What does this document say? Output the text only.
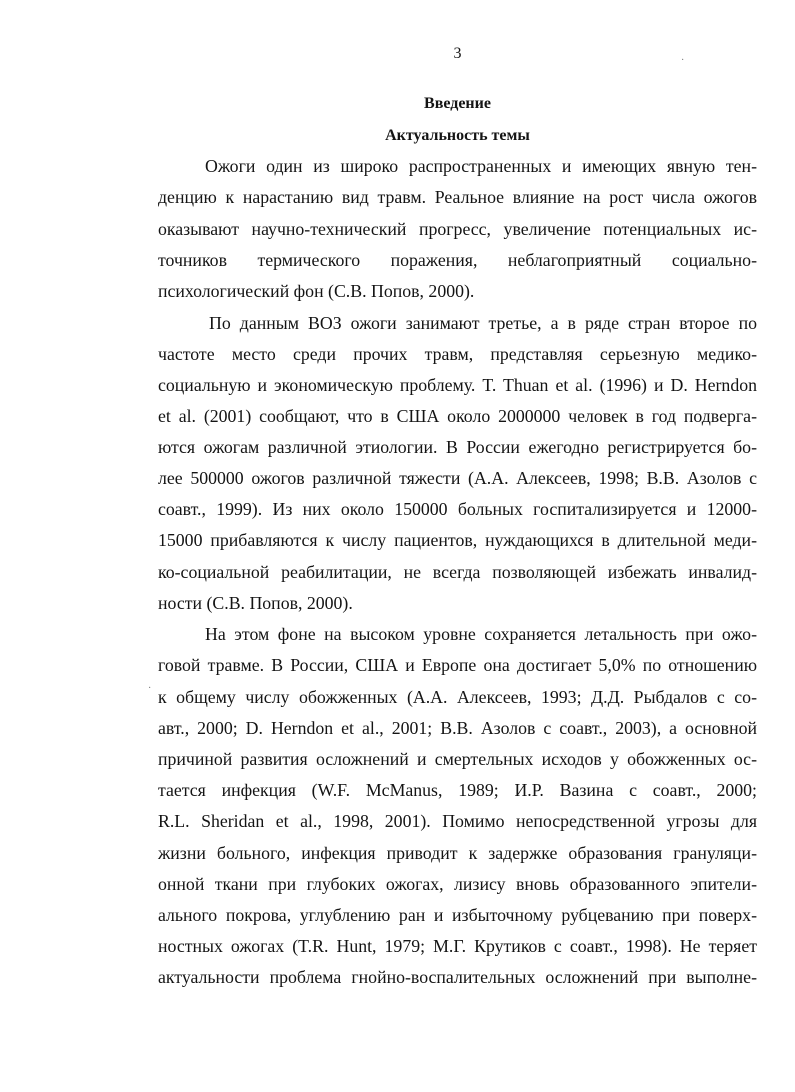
3
Введение
Актуальность темы
Ожоги один из широко распространенных и имеющих явную тен-
денцию к нарастанию вид травм. Реальное влияние на рост числа ожогов
оказывают научно-технический прогресс, увеличение потенциальных ис-
точников термического поражения, неблагоприятный социально-
психологический фон (С.В. Попов, 2000).
По данным ВОЗ ожоги занимают третье, а в ряде стран второе по
частоте место среди прочих травм, представляя серьезную медико-
социальную и экономическую проблему. T. Thuan et al. (1996) и D. Herndon
et al. (2001) сообщают, что в США около 2000000 человек в год подверга-
ются ожогам различной этиологии. В России ежегодно регистрируется бо-
лее 500000 ожогов различной тяжести (А.А. Алексеев, 1998; В.В. Азолов с
соавт., 1999). Из них около 150000 больных госпитализируется и 12000-
15000 прибавляются к числу пациентов, нуждающихся в длительной меди-
ко-социальной реабилитации, не всегда позволяющей избежать инвалид-
ности (С.В. Попов, 2000).
На этом фоне на высоком уровне сохраняется летальность при ожо-
говой травме. В России, США и Европе она достигает 5,0% по отношению
к общему числу обожженных (А.А. Алексеев, 1993; Д.Д. Рыбдалов с со-
авт., 2000; D. Herndon et al., 2001; В.В. Азолов с соавт., 2003), а основной
причиной развития осложнений и смертельных исходов у обожженных ос-
тается инфекция (W.F. McManus, 1989; И.Р. Вазина с соавт., 2000;
R.L. Sheridan et al., 1998, 2001). Помимо непосредственной угрозы для
жизни больного, инфекция приводит к задержке образования грануляци-
онной ткани при глубоких ожогах, лизису вновь образованного эпители-
ального покрова, углублению ран и избыточному рубцеванию при поверх-
ностных ожогах (T.R. Hunt, 1979; М.Г. Крутиков с соавт., 1998). Не теряет
актуальности проблема гнойно-воспалительных осложнений при выполне-
·
·
